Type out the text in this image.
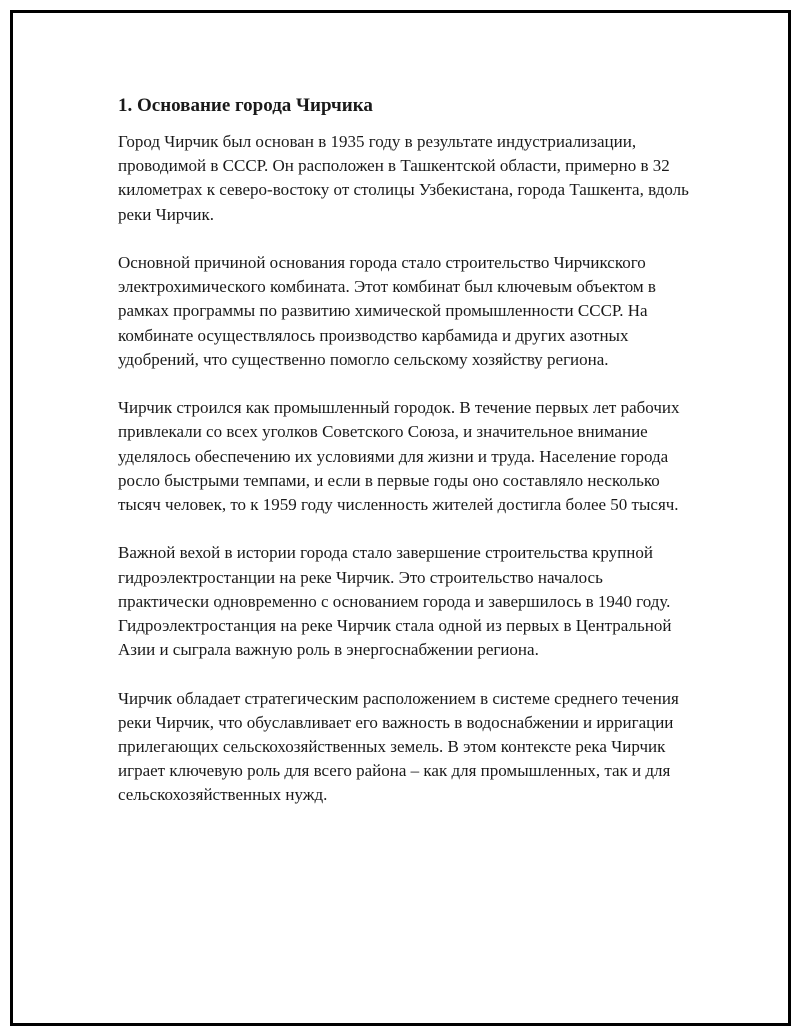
1. Основание города Чирчика

Город Чирчик был основан в 1935 году в результате индустриализации, проводимой в СССР. Он расположен в Ташкентской области, примерно в 32 километрах к северо-востоку от столицы Узбекистана, города Ташкента, вдоль реки Чирчик.

Основной причиной основания города стало строительство Чирчикского электрохимического комбината. Этот комбинат был ключевым объектом в рамках программы по развитию химической промышленности СССР. На комбинате осуществлялось производство карбамида и других азотных удобрений, что существенно помогло сельскому хозяйству региона.

Чирчик строился как промышленный городок. В течение первых лет рабочих привлекали со всех уголков Советского Союза, и значительное внимание уделялось обеспечению их условиями для жизни и труда. Население города росло быстрыми темпами, и если в первые годы оно составляло несколько тысяч человек, то к 1959 году численность жителей достигла более 50 тысяч.

Важной вехой в истории города стало завершение строительства крупной гидроэлектростанции на реке Чирчик. Это строительство началось практически одновременно с основанием города и завершилось в 1940 году. Гидроэлектростанция на реке Чирчик стала одной из первых в Центральной Азии и сыграла важную роль в энергоснабжении региона.

Чирчик обладает стратегическим расположением в системе среднего течения реки Чирчик, что обуславливает его важность в водоснабжении и ирригации прилегающих сельскохозяйственных земель. В этом контексте река Чирчик играет ключевую роль для всего района – как для промышленных, так и для сельскохозяйственных нужд.
